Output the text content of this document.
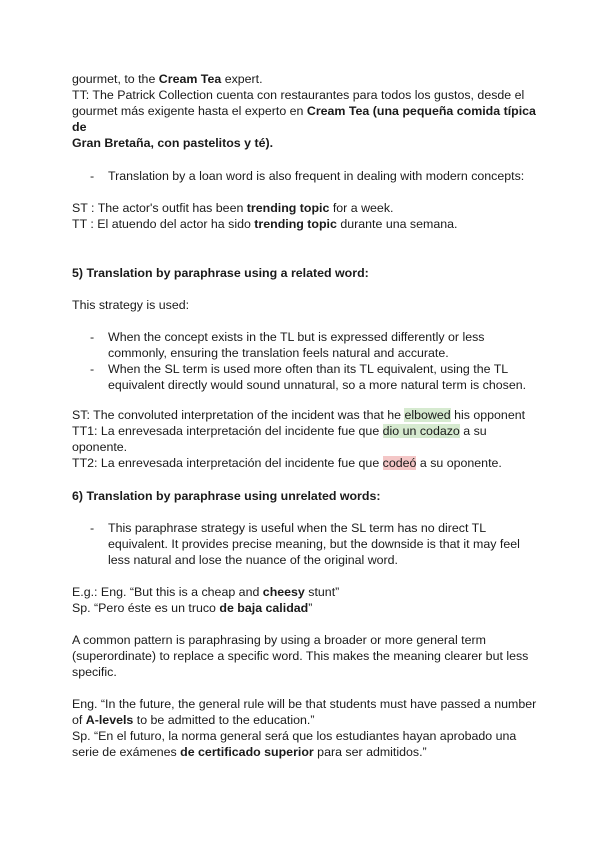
gourmet, to the Cream Tea expert.

TT: The Patrick Collection cuenta con restaurantes para todos los gustos, desde el

gourmet más exigente hasta el experto en Cream Tea (una pequeña comida típica

de

Gran Bretaña, con pastelitos y té).

- Translation by a loan word is also frequent in dealing with modern concepts:

ST : The actor's outfit has been trending topic for a week.

TT : El atuendo del actor ha sido trending topic durante una semana.

5) Translation by paraphrase using a related word:

This strategy is used:

- When the concept exists in the TL but is expressed differently or less

commonly, ensuring the translation feels natural and accurate.

- When the SL term is used more often than its TL equivalent, using the TL

equivalent directly would sound unnatural, so a more natural term is chosen.

ST: The convoluted interpretation of the incident was that he elbowed his opponent

TT1: La enrevesada interpretación del incidente fue que dio un codazo a su

oponente.

TT2: La enrevesada interpretación del incidente fue que codeó a su oponente.

6) Translation by paraphrase using unrelated words:

- This paraphrase strategy is useful when the SL term has no direct TL

equivalent. It provides precise meaning, but the downside is that it may feel

less natural and lose the nuance of the original word.

E.g.: Eng. “But this is a cheap and cheesy stunt”

Sp. “Pero éste es un truco de baja calidad”

A common pattern is paraphrasing by using a broader or more general term

(superordinate) to replace a specific word. This makes the meaning clearer but less

specific.

Eng. “In the future, the general rule will be that students must have passed a number

of A-levels to be admitted to the education.”

Sp. “En el futuro, la norma general será que los estudiantes hayan aprobado una

serie de exámenes de certificado superior para ser admitidos.”
